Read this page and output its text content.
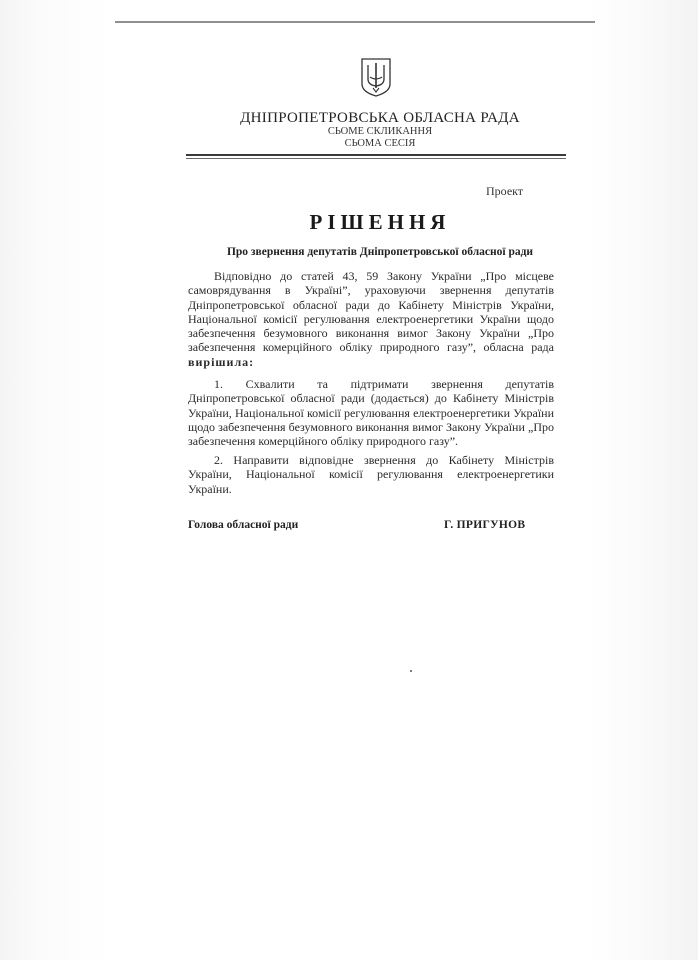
ДНІПРОПЕТРОВСЬКА ОБЛАСНА РАДА
СЬОМЕ СКЛИКАННЯ
СЬОМА СЕСІЯ
Проект
РІШЕННЯ
Про звернення депутатів Дніпропетровської обласної ради
Відповідно до статей 43, 59 Закону України „Про місцеве самоврядування в Україні”, ураховуючи звернення депутатів Дніпропетровської обласної ради до Кабінету Міністрів України, Національної комісії регулювання електроенергетики України щодо забезпечення безумовного виконання вимог Закону України „Про забезпечення комерційного обліку природного газу”, обласна рада вирішила:
1. Схвалити та підтримати звернення депутатів Дніпропетровської обласної ради (додається) до Кабінету Міністрів України, Національної комісії регулювання електроенергетики України щодо забезпечення безумовного виконання вимог Закону України „Про забезпечення комерційного обліку природного газу”.
2. Направити відповідне звернення до Кабінету Міністрів України, Національної комісії регулювання електроенергетики України.
Голова обласної ради	Г. ПРИГУНОВ
